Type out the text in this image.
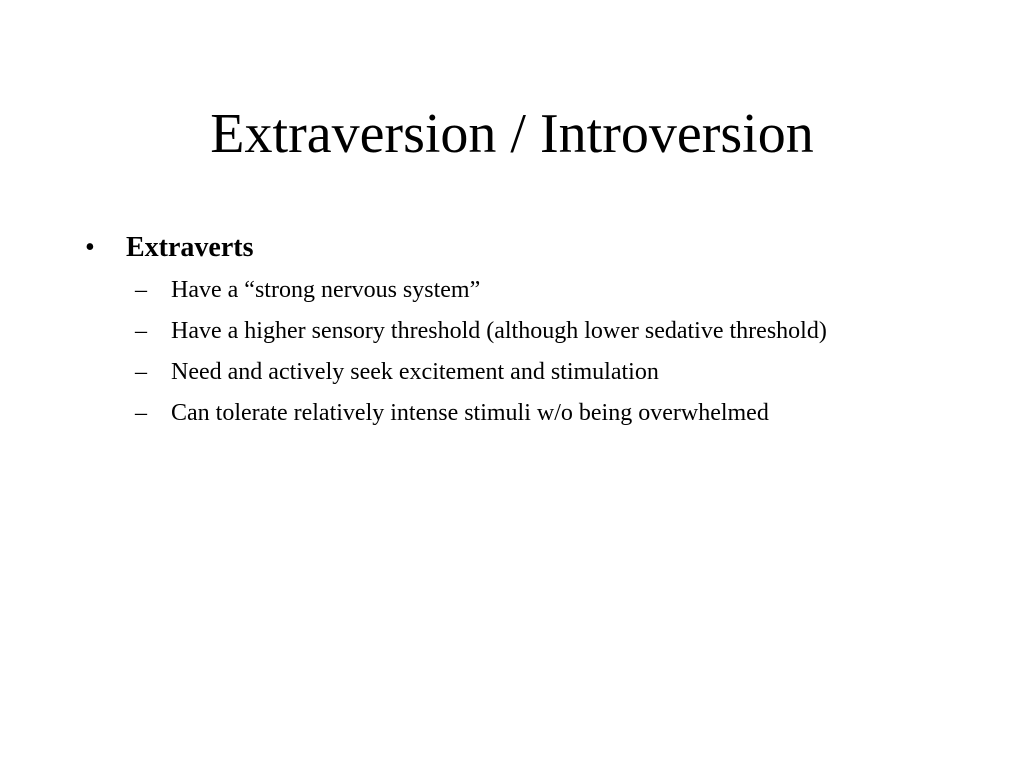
Extraversion / Introversion
• Extraverts
– Have a “strong nervous system”
– Have a higher sensory threshold (although lower sedative threshold)
– Need and actively seek excitement and stimulation
– Can tolerate relatively intense stimuli w/o being overwhelmed
